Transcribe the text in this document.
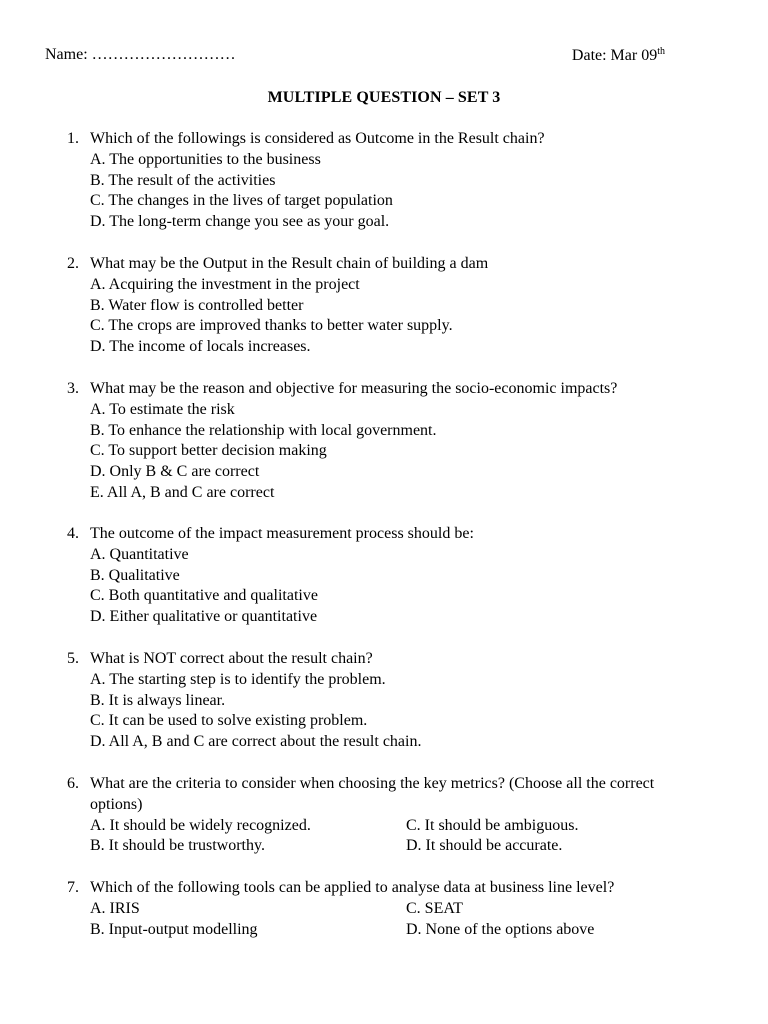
Name: ………………………	Date: Mar 09th
MULTIPLE QUESTION – SET 3
1. Which of the followings is considered as Outcome in the Result chain?
A. The opportunities to the business
B. The result of the activities
C. The changes in the lives of target population
D. The long-term change you see as your goal.
2. What may be the Output in the Result chain of building a dam
A. Acquiring the investment in the project
B. Water flow is controlled better
C. The crops are improved thanks to better water supply.
D. The income of locals increases.
3. What may be the reason and objective for measuring the socio-economic impacts?
A. To estimate the risk
B. To enhance the relationship with local government.
C. To support better decision making
D. Only B & C are correct
E. All A, B and C are correct
4. The outcome of the impact measurement process should be:
A. Quantitative
B. Qualitative
C. Both quantitative and qualitative
D. Either qualitative or quantitative
5. What is NOT correct about the result chain?
A. The starting step is to identify the problem.
B. It is always linear.
C. It can be used to solve existing problem.
D. All A, B and C are correct about the result chain.
6. What are the criteria to consider when choosing the key metrics? (Choose all the correct
options)
A. It should be widely recognized.	C. It should be ambiguous.
B. It should be trustworthy.	D. It should be accurate.
7. Which of the following tools can be applied to analyse data at business line level?
A. IRIS	C. SEAT
B. Input-output modelling	D. None of the options above
